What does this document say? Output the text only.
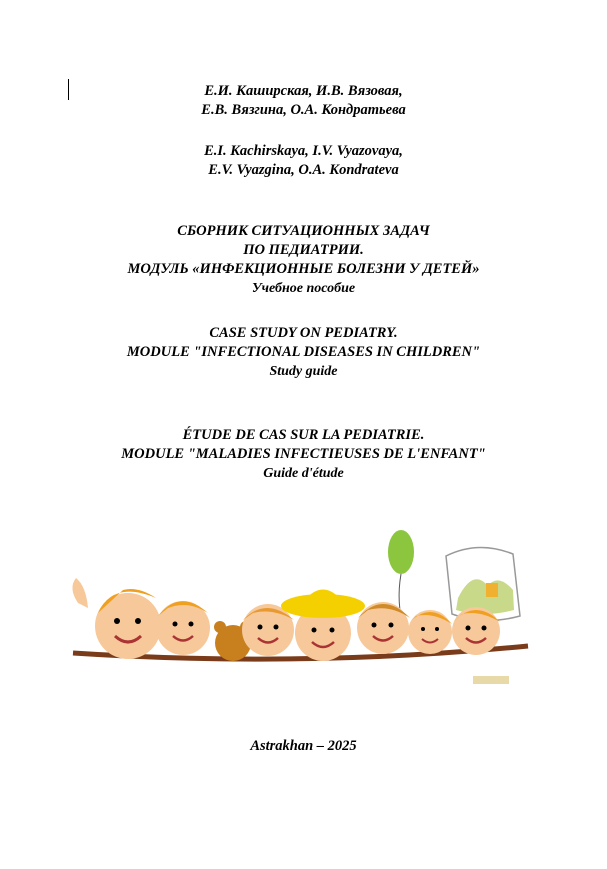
Е.И. Каширская, И.В. Вязовая,
Е.В. Вязгина, О.А. Кондратьева
E.I. Kachirskaya, I.V. Vyazovaya,
E.V. Vyazgina, O.A. Kondrateva
СБОРНИК СИТУАЦИОННЫХ ЗАДАЧ
ПО ПЕДИАТРИИ.
МОДУЛЬ «ИНФЕКЦИОННЫЕ БОЛЕЗНИ У ДЕТЕЙ»
Учебное пособие
CASE STUDY ON PEDIATRY.
MODULE "INFECTIONAL DISEASES IN CHILDREN"
Study guide
ÉTUDE DE CAS SUR LA PEDIATRIE.
MODULE "MALADIES INFECTIEUSES DE L'ENFANT"
Guide d'étude
Astrakhan – 2025
